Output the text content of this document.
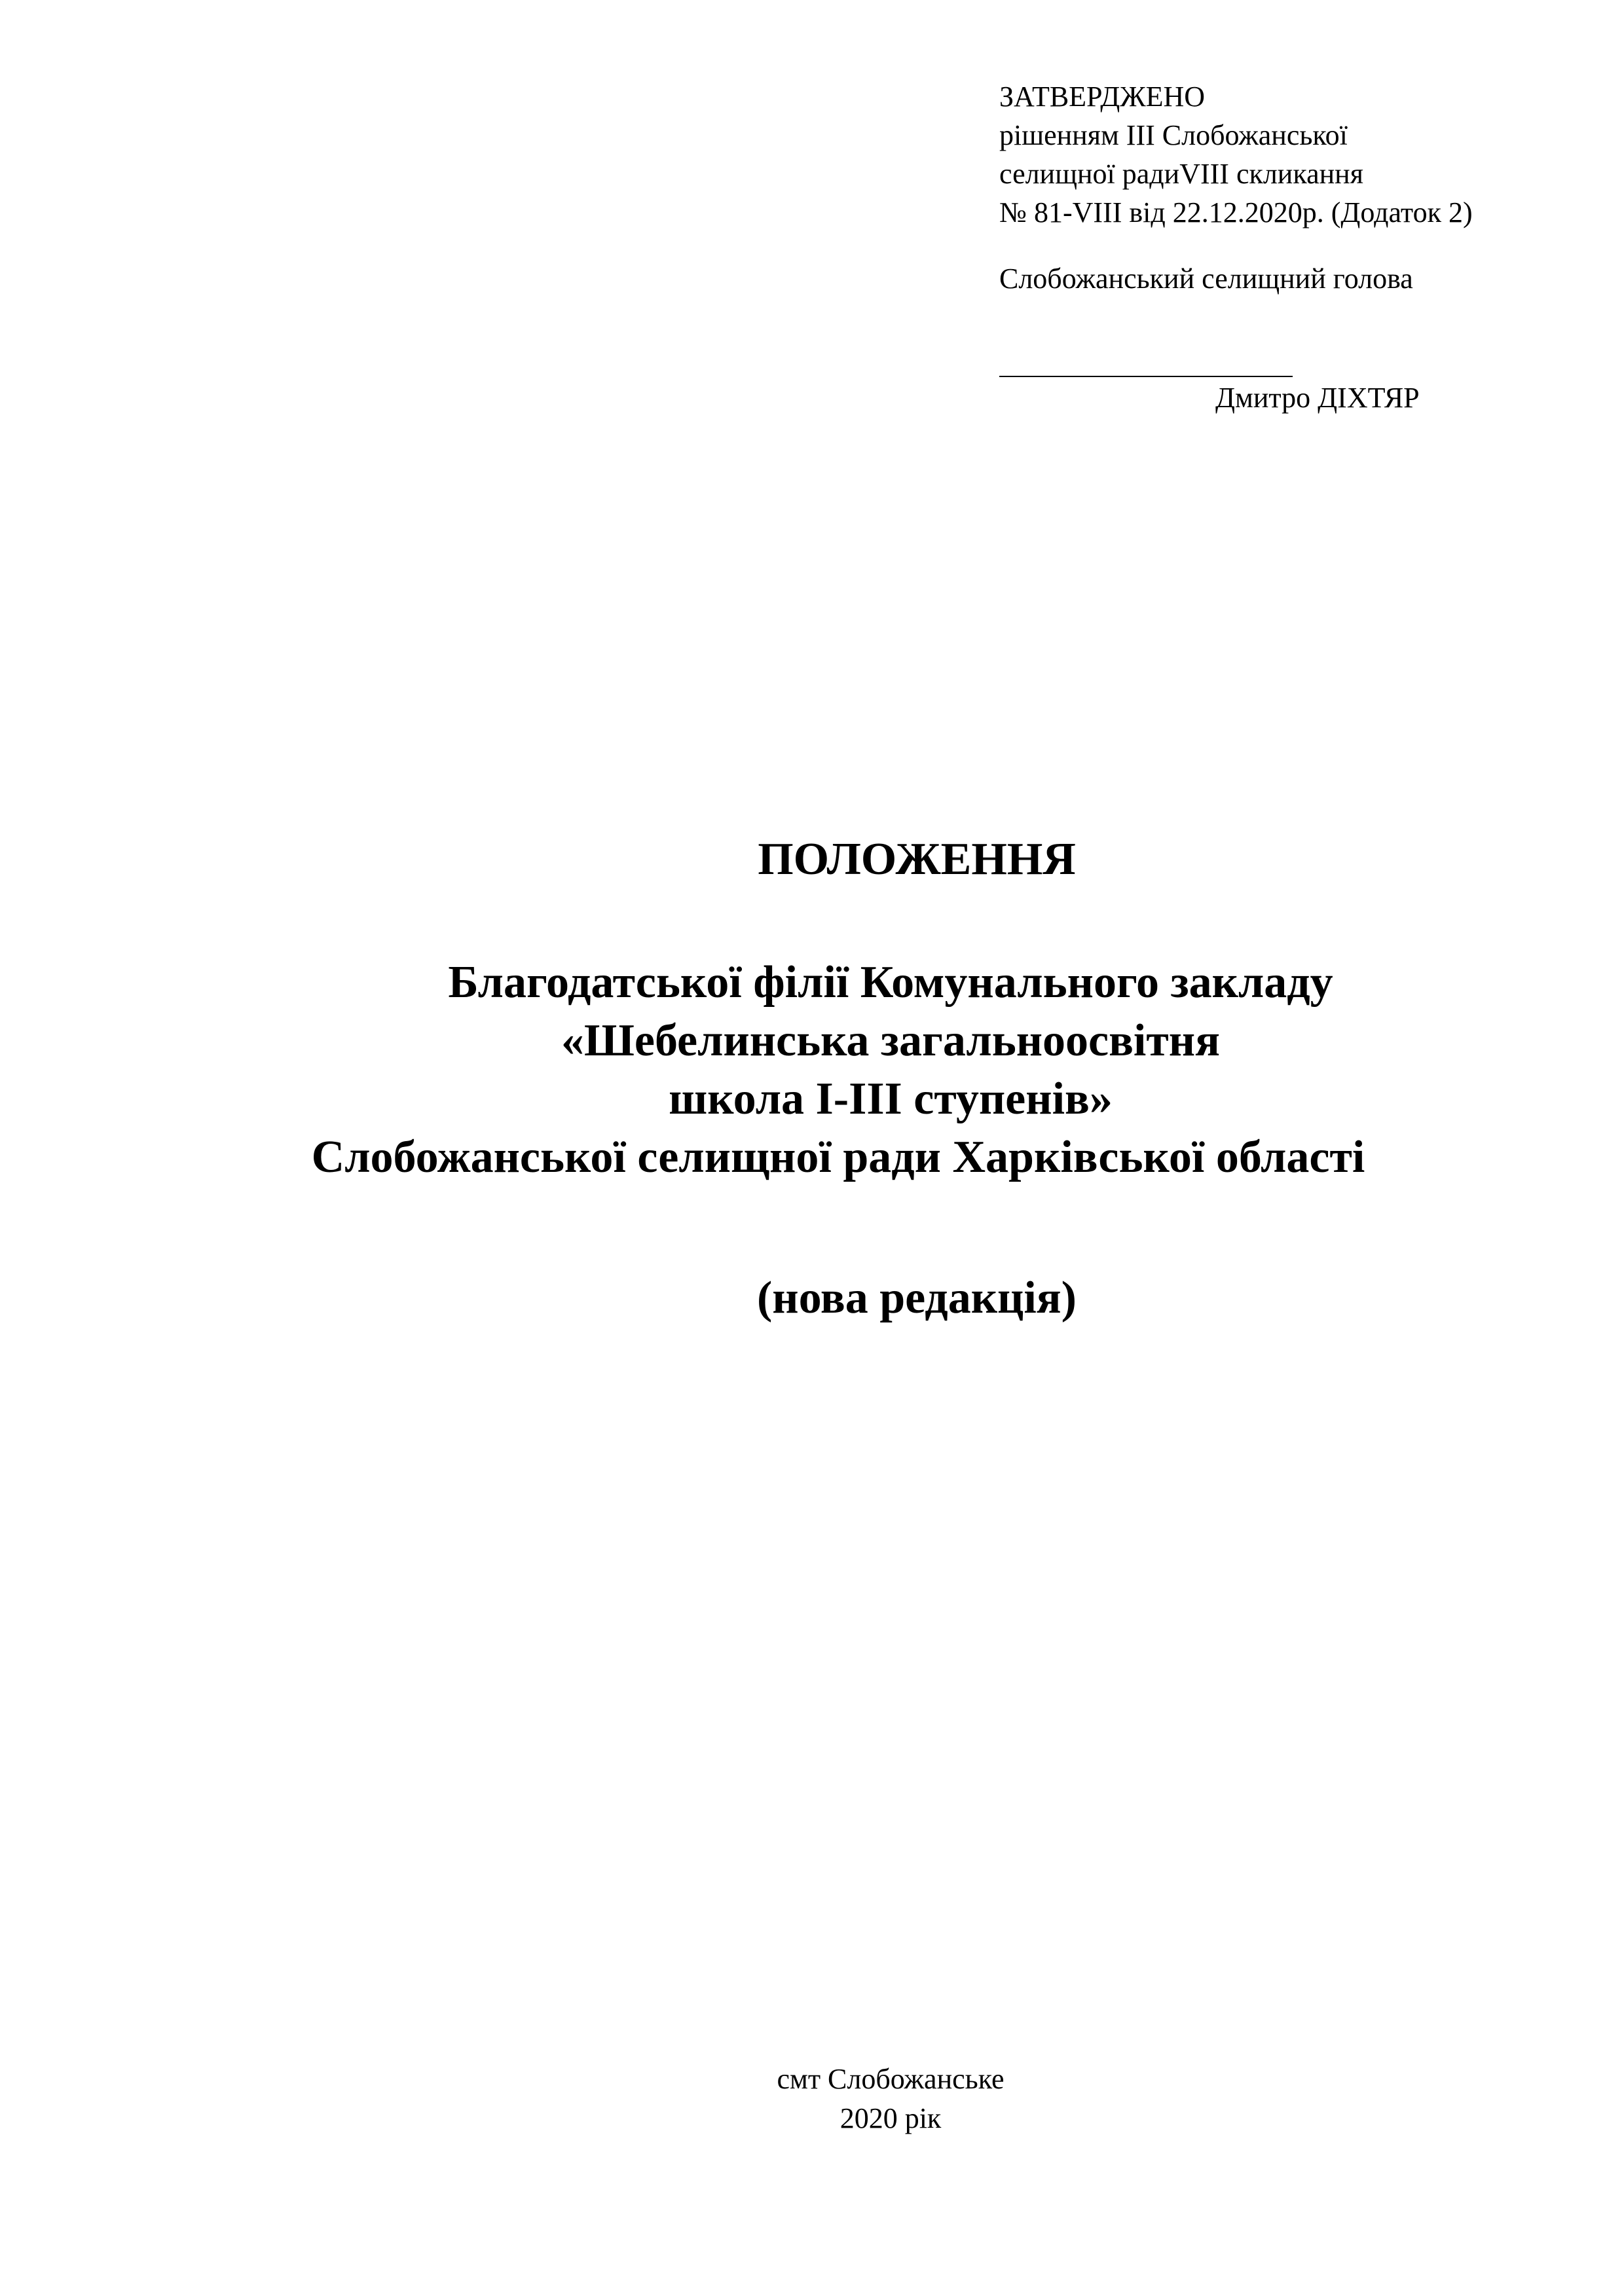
ЗАТВЕРДЖЕНО
рішенням ІІІ Слобожанської
селищної радиVIIІ скликання
№ 81-VIIІ від 22.12.2020р. (Додаток 2)
Слобожанський селищний голова
Дмитро ДІХТЯР
ПОЛОЖЕННЯ
Благодатської філії Комунального закладу
«Шебелинська загальноосвітня
школа І-ІІІ ступенів»
Слобожанської селищної ради Харківської області
(нова редакція)
смт Слобожанське
2020 рік
